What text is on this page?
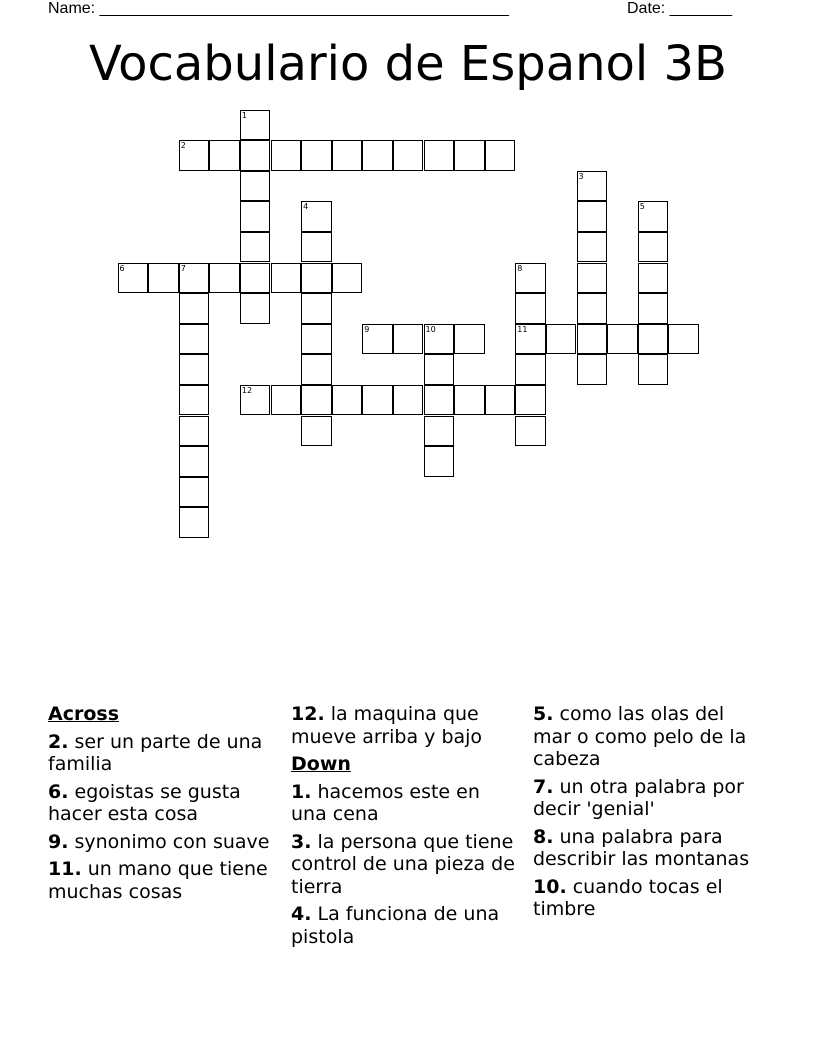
Name: ______________________________________________	Date: _______
Vocabulario de Espanol 3B
1
2
3
4	5
6	7	8
9	10	11
12
Across
2. ser un parte de una familia
6. egoistas se gusta hacer esta cosa
9. synonimo con suave
11. un mano que tiene muchas cosas
12. la maquina que mueve arriba y bajo
Down
1. hacemos este en una cena
3. la persona que tiene control de una pieza de tierra
4. La funciona de una pistola
5. como las olas del mar o como pelo de la cabeza
7. un otra palabra por decir 'genial'
8. una palabra para describir las montanas
10. cuando tocas el timbre
